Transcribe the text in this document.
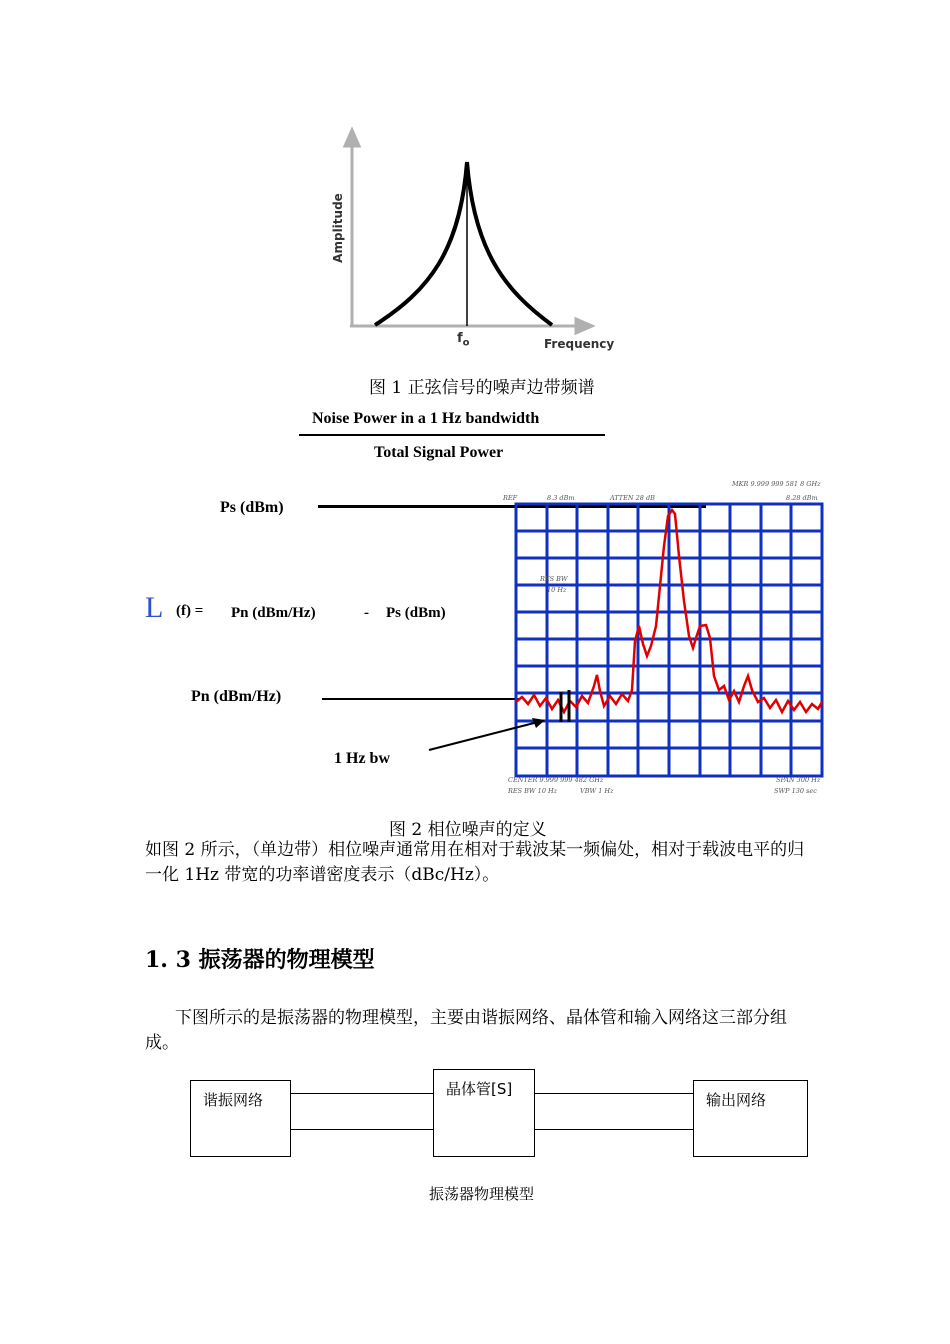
Amplitude
$f_o$	Frequency
图 1 正弦信号的噪声边带频谱
Noise Power in a 1 Hz bandwidth
Total Signal Power
Ps (dBm)
L (f) = Pn (dBm/Hz)	- Ps (dBm)
Pn (dBm/Hz)
1 Hz bw
MKR 9.999 999 581 8 GHz
REF	8.3 dBm	ATTEN 28 dB	8.28 dBm
RES BW
10 Hz
CENTER 9.999 999 482 GHz
RES BW 10 Hz	VBW 1 Hz
SPAN 300 Hz
SWP 130 sec
图 2 相位噪声的定义
如图 2 所示，（单边带）相位噪声通常用在相对于载波某一频偏处，相对于载波电平的归一化 1Hz 带宽的功率谱密度表示（dBc/Hz）。
1. 3 振荡器的物理模型
下图所示的是振荡器的物理模型，主要由谐振网络、晶体管和输入网络这三部分组成。
谐振网络
晶体管[S]
输出网络
振荡器物理模型
